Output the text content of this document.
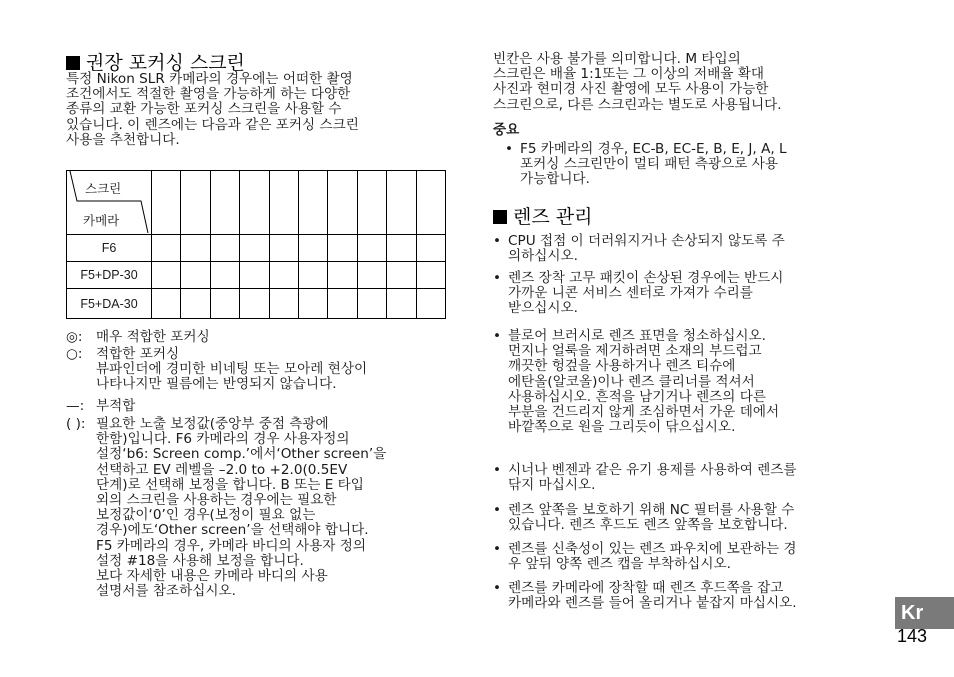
권장 포커싱 스크린
특정 Nikon SLR 카메라의 경우에는 어떠한 촬영
조건에서도 적절한 촬영을 가능하게 하는 다양한
종류의 교환 가능한 포커싱 스크린을 사용할 수
있습니다. 이 렌즈에는 다음과 같은 포커싱 스크린
사용을 추천합니다.
스크린
카메라										

F6										
F5+DP-30										
F5+DA-30										
◎: 매우 적합한 포커싱
○: 적합한 포커싱
뷰파인더에 경미한 비네팅 또는 모아레 현상이
나타나지만 필름에는 반영되지 않습니다.
—: 부적합
( ): 필요한 노출 보정값(중앙부 중점 측광에
한함)입니다. F6 카메라의 경우 사용자정의
설정‘b6: Screen comp.’에서‘Other screen’을
선택하고 EV 레벨을 –2.0 to +2.0(0.5EV
단계)로 선택해 보정을 합니다. B 또는 E 타입
외의 스크린을 사용하는 경우에는 필요한
보정값이‘0’인 경우(보정이 필요 없는
경우)에도‘Other screen’을 선택해야 합니다.
F5 카메라의 경우, 카메라 바디의 사용자 정의
설정 #18을 사용해 보정을 합니다.
보다 자세한 내용은 카메라 바디의 사용
설명서를 참조하십시오.
빈칸은 사용 불가를 의미합니다. M 타입의
스크린은 배율 1:1또는 그 이상의 저배율 확대
사진과 현미경 사진 촬영에 모두 사용이 가능한
스크린으로, 다른 스크린과는 별도로 사용됩니다.
중요
• F5 카메라의 경우, EC-B, EC-E, B, E, J, A, L
포커싱 스크린만이 멀티 패턴 측광으로 사용
가능합니다.
렌즈 관리
• CPU 접점 이 더러워지거나 손상되지 않도록 주
의하십시오.
• 렌즈 장착 고무 패킷이 손상된 경우에는 반드시
가까운 니콘 서비스 센터로 가져가 수리를
받으십시오.
• 블로어 브러시로 렌즈 표면을 청소하십시오.
먼지나 얼룩을 제거하려면 소재의 부드럽고
깨끗한 헝겊을 사용하거나 렌즈 티슈에
에탄올(알코올)이나 렌즈 클리너를 적셔서
사용하십시오. 흔적을 남기거나 렌즈의 다른
부분을 건드리지 않게 조심하면서 가운 데에서
바깥쪽으로 원을 그리듯이 닦으십시오.
• 시너나 벤젠과 같은 유기 용제를 사용하여 렌즈를
닦지 마십시오.
• 렌즈 앞쪽을 보호하기 위해 NC 필터를 사용할 수
있습니다. 렌즈 후드도 렌즈 앞쪽을 보호합니다.
• 렌즈를 신축성이 있는 렌즈 파우치에 보관하는 경
우 앞뒤 양쪽 렌즈 캡을 부착하십시오.
• 렌즈를 카메라에 장착할 때 렌즈 후드쪽을 잡고
카메라와 렌즈를 들어 올리거나 붙잡지 마십시오.	Kr
143
